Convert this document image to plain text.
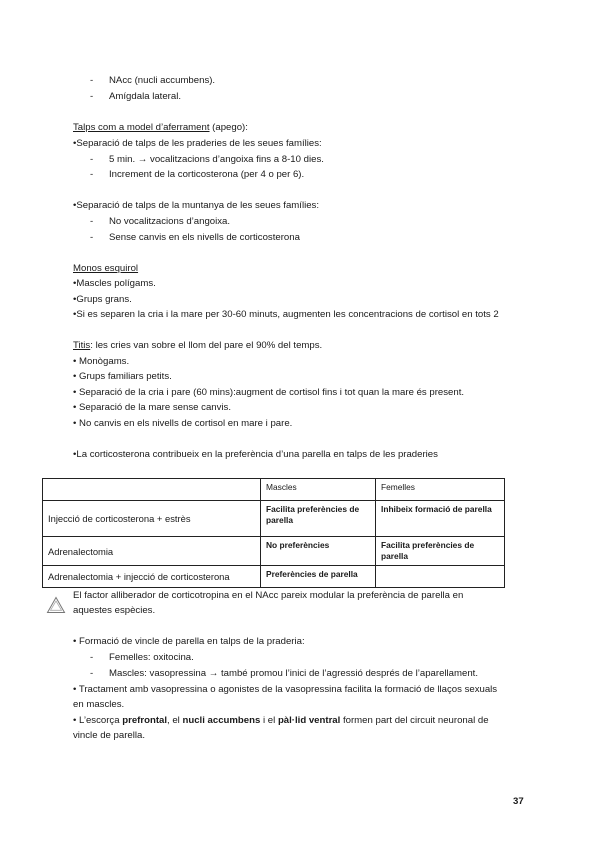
- NAcc (nucli accumbens).
- Amígdala lateral.
Talps com a model d’aferrament (apego):
•Separació de talps de les praderies de les seues famílies:
- 5 min. → vocalitzacions d’angoixa fins a 8-10 dies.
- Increment de la corticosterona (per 4 o per 6).
•Separació de talps de la muntanya de les seues famílies:
- No vocalitzacions d’angoixa.
- Sense canvis en els nivells de corticosterona
Monos esquirol
•Mascles polígams.
•Grups grans.
•Si es separen la cria i la mare per 30-60 minuts, augmenten les concentracions de cortisol en tots 2
Titis: les cries van sobre el llom del pare el 90% del temps.
• Monògams.
• Grups familiars petits.
• Separació de la cria i pare (60 mins):augment de cortisol fins i tot quan la mare és present.
• Separació de la mare sense canvis.
• No canvis en els nivells de cortisol en mare i pare.
•La corticosterona contribueix en la preferència d’una parella en talps de les praderies
	Mascles	Femelles
Injecció de corticosterona + estrès	Facilita preferències de parella	Inhibeix formació de parella
Adrenalectomia	No preferències	Facilita preferències de parella
Adrenalectomia + injecció de corticosterona	Preferències de parella	
El factor alliberador de corticotropina en el NAcc pareix modular la preferència de parella en
aquestes espècies.
• Formació de vincle de parella en talps de la praderia:
- Femelles: oxitocina.
- Mascles: vasopressina → també promou l’inici de l’agressió després de l’aparellament.
• Tractament amb vasopressina o agonistes de la vasopressina facilita la formació de llaços sexuals
en mascles.
• L’escorça prefrontal, el nucli accumbens i el pàl·lid ventral formen part del circuit neuronal de
vincle de parella.
37
